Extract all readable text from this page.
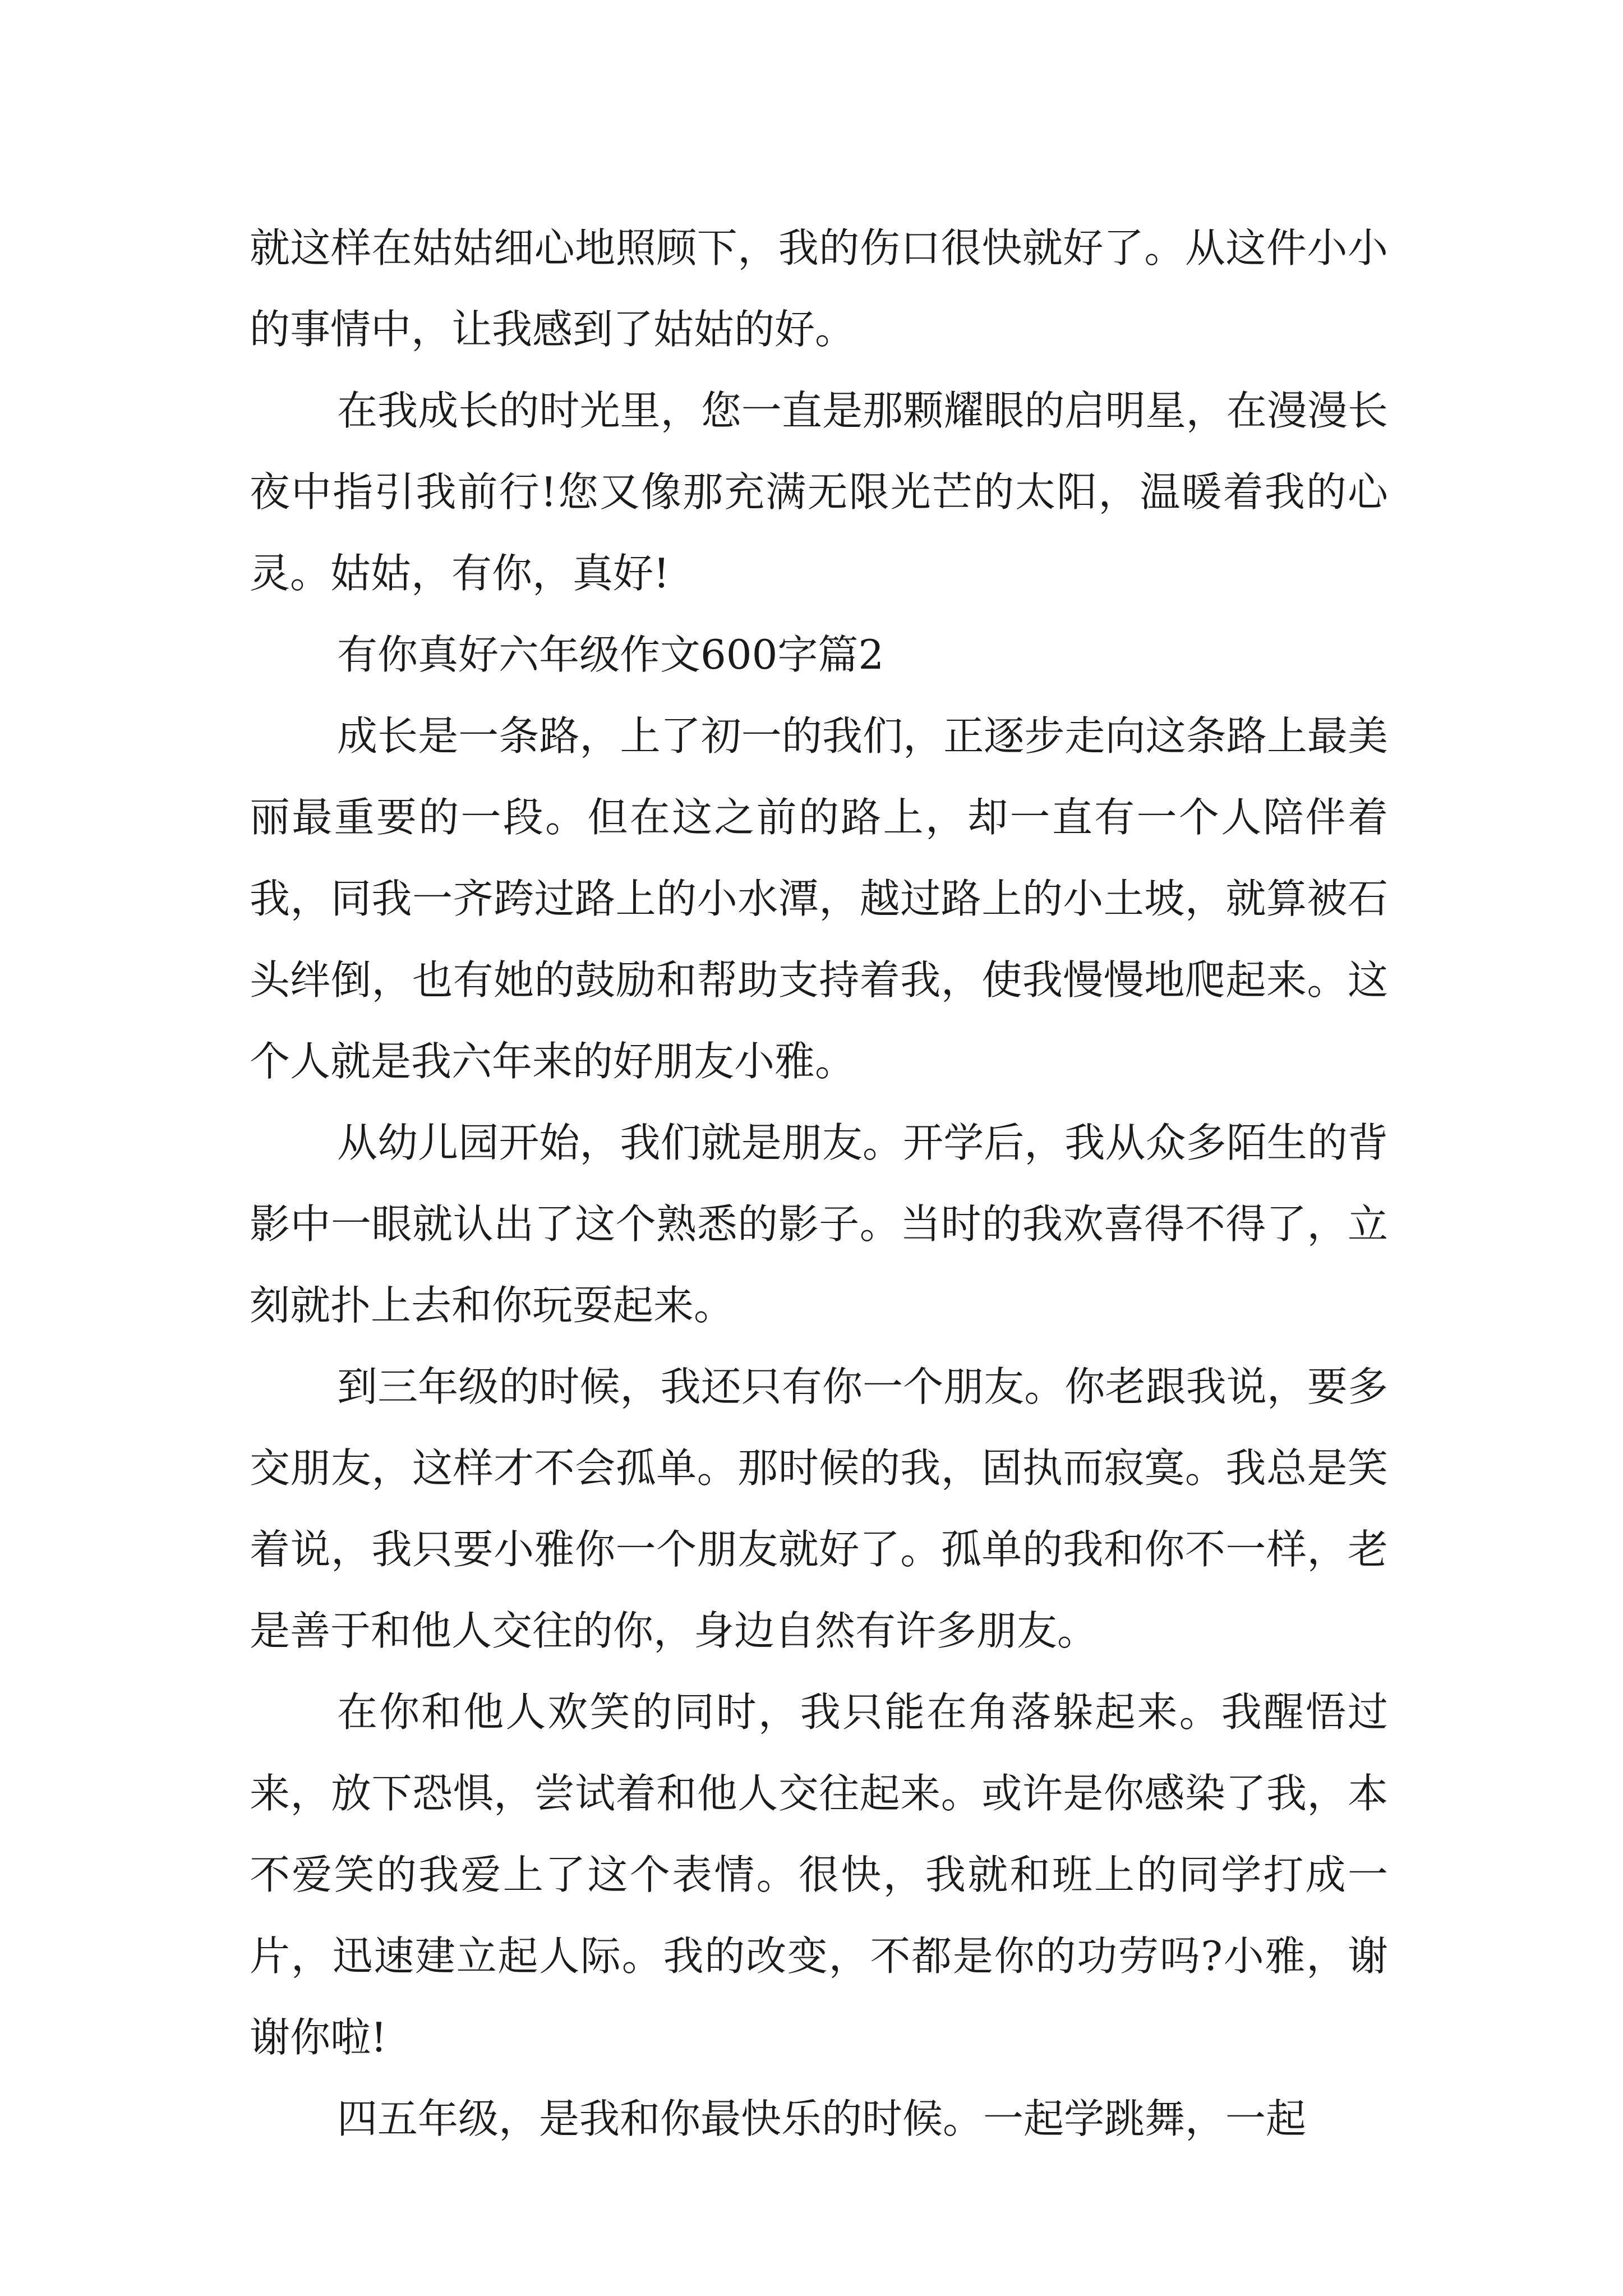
就这样在姑姑细心地照顾下，我的伤口很快就好了。从这件小小的事情中，让我感到了姑姑的好。

在我成长的时光里，您一直是那颗耀眼的启明星，在漫漫长夜中指引我前行!您又像那充满无限光芒的太阳，温暖着我的心灵。姑姑，有你，真好!

有你真好六年级作文600字篇2

成长是一条路，上了初一的我们，正逐步走向这条路上最美丽最重要的一段。但在这之前的路上，却一直有一个人陪伴着我，同我一齐跨过路上的小水潭，越过路上的小土坡，就算被石头绊倒，也有她的鼓励和帮助支持着我，使我慢慢地爬起来。这个人就是我六年来的好朋友小雅。

从幼儿园开始，我们就是朋友。开学后，我从众多陌生的背影中一眼就认出了这个熟悉的影子。当时的我欢喜得不得了，立刻就扑上去和你玩耍起来。

到三年级的时候，我还只有你一个朋友。你老跟我说，要多交朋友，这样才不会孤单。那时候的我，固执而寂寞。我总是笑着说，我只要小雅你一个朋友就好了。孤单的我和你不一样，老是善于和他人交往的你，身边自然有许多朋友。

在你和他人欢笑的同时，我只能在角落躲起来。我醒悟过来，放下恐惧，尝试着和他人交往起来。或许是你感染了我，本不爱笑的我爱上了这个表情。很快，我就和班上的同学打成一片，迅速建立起人际。我的改变，不都是你的功劳吗?小雅，谢谢你啦!

四五年级，是我和你最快乐的时候。一起学跳舞，一起
